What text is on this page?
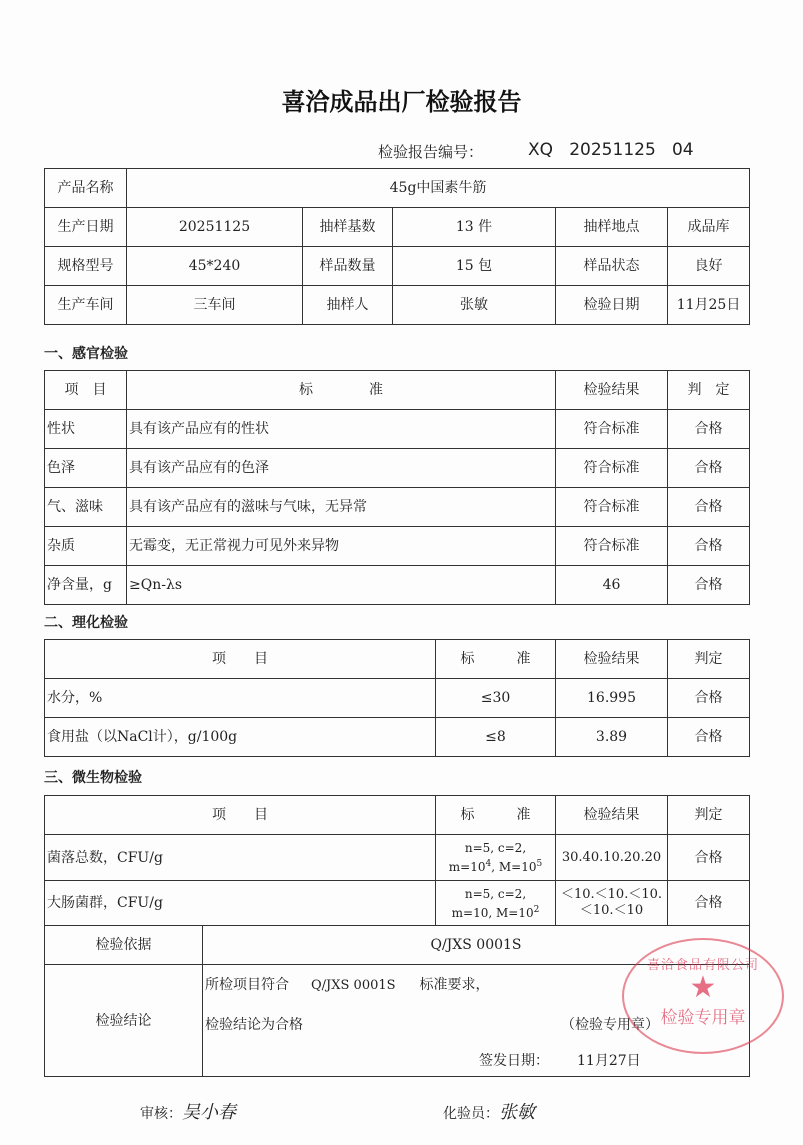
喜洽成品出厂检验报告
检验报告编号：	XQ   20251125   04
产品名称	45g中国素牛筋				
生产日期	20251125	抽样基数	13 件	抽样地点	成品库
规格型号	45*240	样品数量	15 包	样品状态	良好
生产车间	三车间	抽样人	张敏	检验日期	11月25日
一、感官检验
项　目	标　　　　准	检验结果	判　定
性状	具有该产品应有的性状	符合标准	合格
色泽	具有该产品应有的色泽	符合标准	合格
气、滋味	具有该产品应有的滋味与气味，无异常	符合标准	合格
杂质	无霉变，无正常视力可见外来异物	符合标准	合格
净含量，g	≥Qn-λs	46	合格
二、理化检验
项　　目	标　　　准	检验结果	判定
水分，%	≤30	16.995	合格
食用盐（以NaCl计），g/100g	≤8	3.89	合格
三、微生物检验
项　　目		标　　　准	检验结果	判定
菌落总数，CFU/g		n=5, c=2,
$m=10^4$, $M=10^5$	30.40.10.20.20	合格
大肠菌群，CFU/g		n=5, c=2,
m=10, $M=10^2$	＜10.＜10.＜10.＜10.＜10	合格
检验依据	Q/JXS 0001S			
检验结论	所检项目符合 Q/JXS 0001S 标准要求，
检验结论为合格 （检验专用章）
签发日期： 11月27日			
喜洽食品有限公司
★
检验专用章
审核：吴小春	化验员：张敏
